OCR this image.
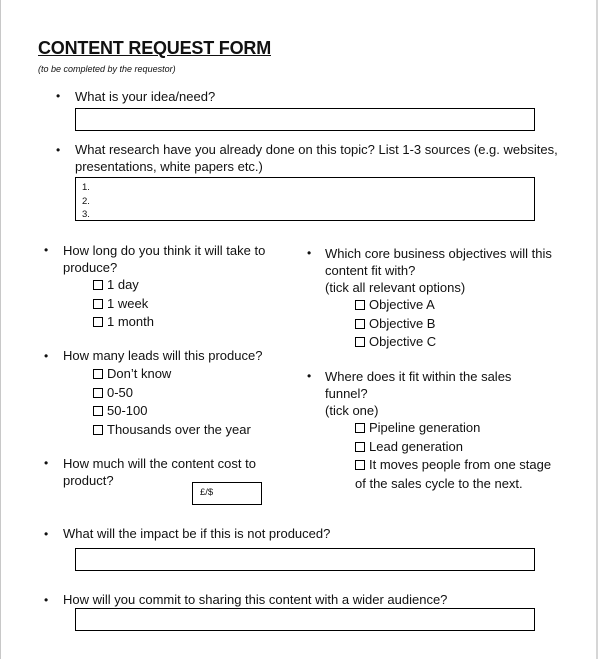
CONTENT REQUEST FORM
(to be completed by the requestor)
• What is your idea/need?
• What research have you already done on this topic? List 1-3 sources (e.g. websites,
presentations, white papers etc.)
1.
2.
3.
• How long do you think it will take to
produce?
1 day
1 week
1 month
• How many leads will this produce?
Don’t know
0-50
50-100
Thousands over the year
• How much will the content cost to
product?
£/$
• Which core business objectives will this
content fit with?
(tick all relevant options)
Objective A
Objective B
Objective C
• Where does it fit within the sales
funnel?
(tick one)
Pipeline generation
Lead generation
It moves people from one stage
of the sales cycle to the next.
• What will the impact be if this is not produced?
• How will you commit to sharing this content with a wider audience?
